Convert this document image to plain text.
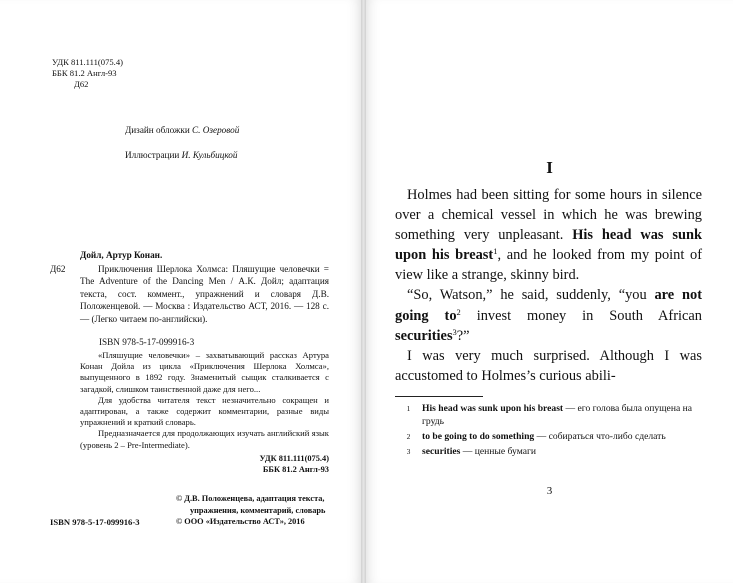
УДК 811.111(075.4)
ББК 81.2 Англ-93
Д62
Дизайн обложки С. Озеровой
Иллюстрации И. Кульбицкой
Дойл, Артур Конан.
Д62	Приключения Шерлока Холмса: Пляшущие человечки = The Adventure of the Dancing Men / А.К. Дойл; адаптация текста, сост. коммент., упражнений и словаря Д.В. Положенцевой. — Москва : Издательство АСТ, 2016. — 128 с. — (Легко читаем по-английски).
ISBN 978-5-17-099916-3

«Пляшущие человечки» – захватывающий рассказ Артура Конан Дойла из цикла «Приключения Шерлока Холмса», выпущенного в 1892 году. Знаменитый сыщик сталкивается с загадкой, слишком таинственной даже для него...

Для удобства читателя текст незначительно сокращен и адаптирован, а также содержит комментарии, разные виды упражнений и краткий словарь.

Предназначается для продолжающих изучать английский язык (уровень 2 – Pre-Intermediate).

УДК 811.111(075.4)
ББК 81.2 Англ-93
© Д.В. Положенцева, адаптация текста,
упражнения, комментарий, словарь
© ООО «Издательство АСТ», 2016
ISBN 978-5-17-099916-3
I

Holmes had been sitting for some hours in silence over a chemical vessel in which he was brewing something very unpleasant. His head was sunk upon his breast$^1$, and he looked from my point of view like a strange, skinny bird.

“So, Watson,” he said, suddenly, “you are not going $to^2$ invest money in South African securities$^3$?”

I was very much surprised. Although I was accustomed to Holmes’s curious abili-

1	His head was sunk upon his breast — его голова была опущена на грудь
2	to be going to do something — собираться что-либо сделать
3	securities — ценные бумаги
3
